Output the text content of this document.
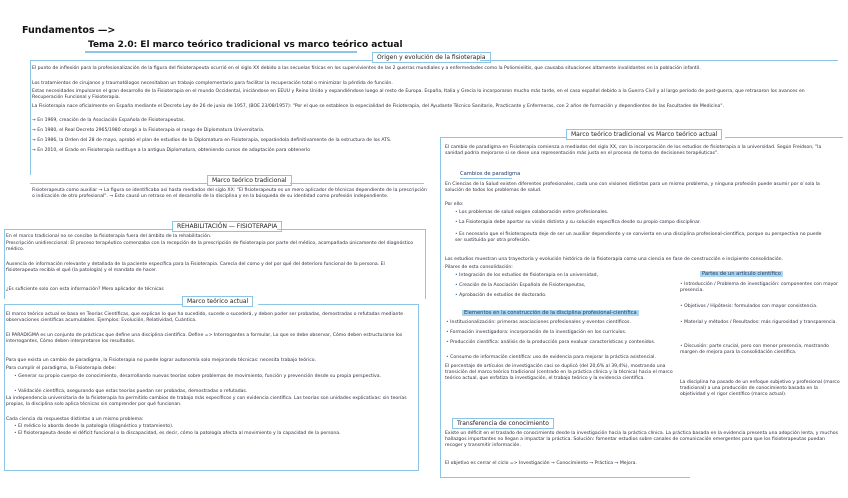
Fundamentos —>
Tema 2.0: El marco teórico tradicional vs marco teórico actual
Origen y evolución de la fisioterapia
El punto de inflexión para la profesionalización de la figura del fisioterapeuta ocurrió en el siglo XX debido a las secuelas físicas en los supervivientes de las 2 guerras mundiales y a enfermedades como la Poliomielitis, que causaba situaciones altamente invalidantes en la población infantil.
Los tratamientos de cirujanos y traumatólogos necesitaban un trabajo complementario para facilitar la recuperación total o minimizar la pérdida de función.
Estas necesidades impulsaron el gran desarrollo de la Fisioterapia en el mundo Occidental, iniciándose en EEUU y Reino Unido y expandiéndose luego al resto de Europa. España, Italia y Grecia lo incorporaron mucho más tarde, en el caso español debido a la Guerra Civil y al largo período de post-guerra, que retrasaron los avances en Recuperación Funcional y Fisioterapia.
La Fisioterapia nace oficialmente en España mediante el Decreto Ley de 26 de junio de 1957, (BOE 23/08/1957): "Por el que se establece la especialidad de Fisioterapia, del Ayudante Técnico Sanitario, Practicante y Enfermeras, con 2 años de formación y dependientes de las Facultades de Medicina".
→ En 1969, creación de la Asociación Española de Fisioterapeutas.
→ En 1980, el Real Decreto 2965/1980 otorgó a la Fisioterapia el rango de Diplomatura Universitaria.
→ En 1986, la Orden del 28 de mayo, aprobó el plan de estudios de la Diplomatura en Fisioterapia, separándola definitivamente de la estructura de los ATS.
→ En 2010, el Grado en Fisioterapia sustituye a la antigua Diplomatura, obteniendo cursos de adaptación para obtenerlo
Marco teórico tradicional
Fisioterapeuta como auxiliar → La figura se identificaba así hasta mediados del siglo XX: "El fisioterapeuta es un mero aplicador de técnicas dependiente de la prescripción o indicación de otro profesional". → Esto causó un retraso en el desarrollo de la disciplina y en la búsqueda de su identidad como profesión independiente.
REHABILITACIÓN — FISIOTERAPIA
En el marco tradicional no se concibe la fisioterapia fuera del ámbito de la rehabilitación.
Prescripción unidireccional: El proceso terapéutico comenzaba con la recepción de la prescripción de fisioterapia por parte del médico, acompañada únicamente del diagnóstico médico.
Ausencia de información relevante y detallada de la paciente específica para la Fisioterapia. Carecía del como y del por qué del deterioro funcional de la persona. El fisioterapeuta recibía el qué (la patología) y el mandato de hacer.
¿Es suficiente solo con esta información? Mero aplicador de técnicas
Marco teórico actual
El marco teórico actual se basa en Teorías Científicas, que explican lo que ha sucedido, sucede o sucederá, y deben poder ser probadas, demostradas o refutadas mediante observaciones científicas acumulables. Ejemplos: Evolución, Relatividad, Cuántica.
El PARADIGMA es un conjunto de prácticas que define una disciplina científica. Define => Interrogantes a formular, Lo que se debe observar, Cómo deben estructurarse los interrogantes, Cómo deben interpretarse los resultados.
Para que exista un cambio de paradigma, la Fisioterapia no puede lograr autonomía solo mejorando técnicas: necesita trabajo teórico.
Para cumplir el paradigma, la Fisioterapia debe:
• Generar su propio cuerpo de conocimiento, desarrollando nuevas teorías sobre problemas de movimiento, función y prevención desde su propia perspectiva.
• Validación científica, asegurando que estas teorías puedan ser probadas, demostradas o refutadas.
La independencia universitaria de la fisioterapia ha permitido cambios de trabajo más específicos y con evidencia científica. Las teorías son unidades explicativas: sin teorías propias, la disciplina solo aplica técnicas sin comprender por qué funcionan.
Cada ciencia da respuestas distintas a un mismo problema:
• El médico lo aborda desde la patología (diagnóstico y tratamiento).
• El fisioterapeuta desde el déficit funcional o la discapacidad, es decir, cómo la patología afecta al movimiento y la capacidad de la persona.
Marco teórico tradicional vs Marco teórico actual
El cambio de paradigma en Fisioterapia comienza a mediados del siglo XX, con la incorporación de los estudios de fisioterapia a la universidad. Según Freidson, "la sanidad podría mejorarse si se diese una representación más justa en el proceso de toma de decisiones terapéuticas".
Cambios de paradigma
En Ciencias de la Salud existen diferentes profesionales, cada uno con visiones distintas para un mismo problema, y ninguna profesión puede asumir por sí sola la solución de todos los problemas de salud.
Por ello:
• Los problemas de salud exigen colaboración entre profesionales.
• La Fisioterapia debe aportar su visión distinta y su solución específica desde su propio campo disciplinar.
• Es necesario que el fisioterapeuta deje de ser un auxiliar dependiente y se convierta en una disciplina profesional-científica, porque su perspectiva no puede ser sustituida por otra profesión.
Los estudios muestran una trayectoria y evolución histórica de la fisioterapia como una ciencia en fase de construcción e incipiente consolidación.
Pilares de esta consolidación:
• Integración de los estudios de fisioterapia en la universidad,
• Creación de la Asociación Española de Fisioterapeutas,
• Aprobación de estudios de doctorado.
Elementos en la construcción de la disciplina profesional-científica
• Institucionalización: primeras asociaciones profesionales y eventos científicos.
• Formación investigadora: incorporación de la investigación en los currículos.
• Producción científica: análisis de la producción para evaluar características y contenidos.
• Consumo de información científica: uso de evidencia para mejorar la práctica asistencial.
El porcentaje de artículos de investigación casi se duplicó (del 20,6% al 39,4%), mostrando una transición del marco teórico tradicional (centrado en la práctica clínica y la técnica) hacia el marco teórico actual, que enfatiza la investigación, el trabajo teórico y la evidencia científica.
Partes de un artículo científico
• Introducción / Problema de investigación: componentes con mayor presencia.
• Objetivos / Hipótesis: formulados con mayor consistencia.
• Material y métodos / Resultados: más rigurosidad y transparencia.
• Discusión: parte crucial, pero con menor presencia, mostrando margen de mejora para la consolidación científica.
La disciplina ha pasado de un enfoque subjetivo y profesional (marco tradicional) a una producción de conocimiento basada en la objetividad y el rigor científico (marco actual).
Transferencia de conocimiento
Existe un déficit en el traslado de conocimiento desde la investigación hacia la práctica clínica. La práctica basada en la evidencia presenta una adopción lenta, y muchos hallazgos importantes no llegan a impactar la práctica. Solución: fomentar estudios sobre canales de comunicación emergentes para que los fisioterapeutas puedan recoger y transmitir información.
El objetivo es cerrar el ciclo => Investigación → Conocimiento → Práctica → Mejora.
